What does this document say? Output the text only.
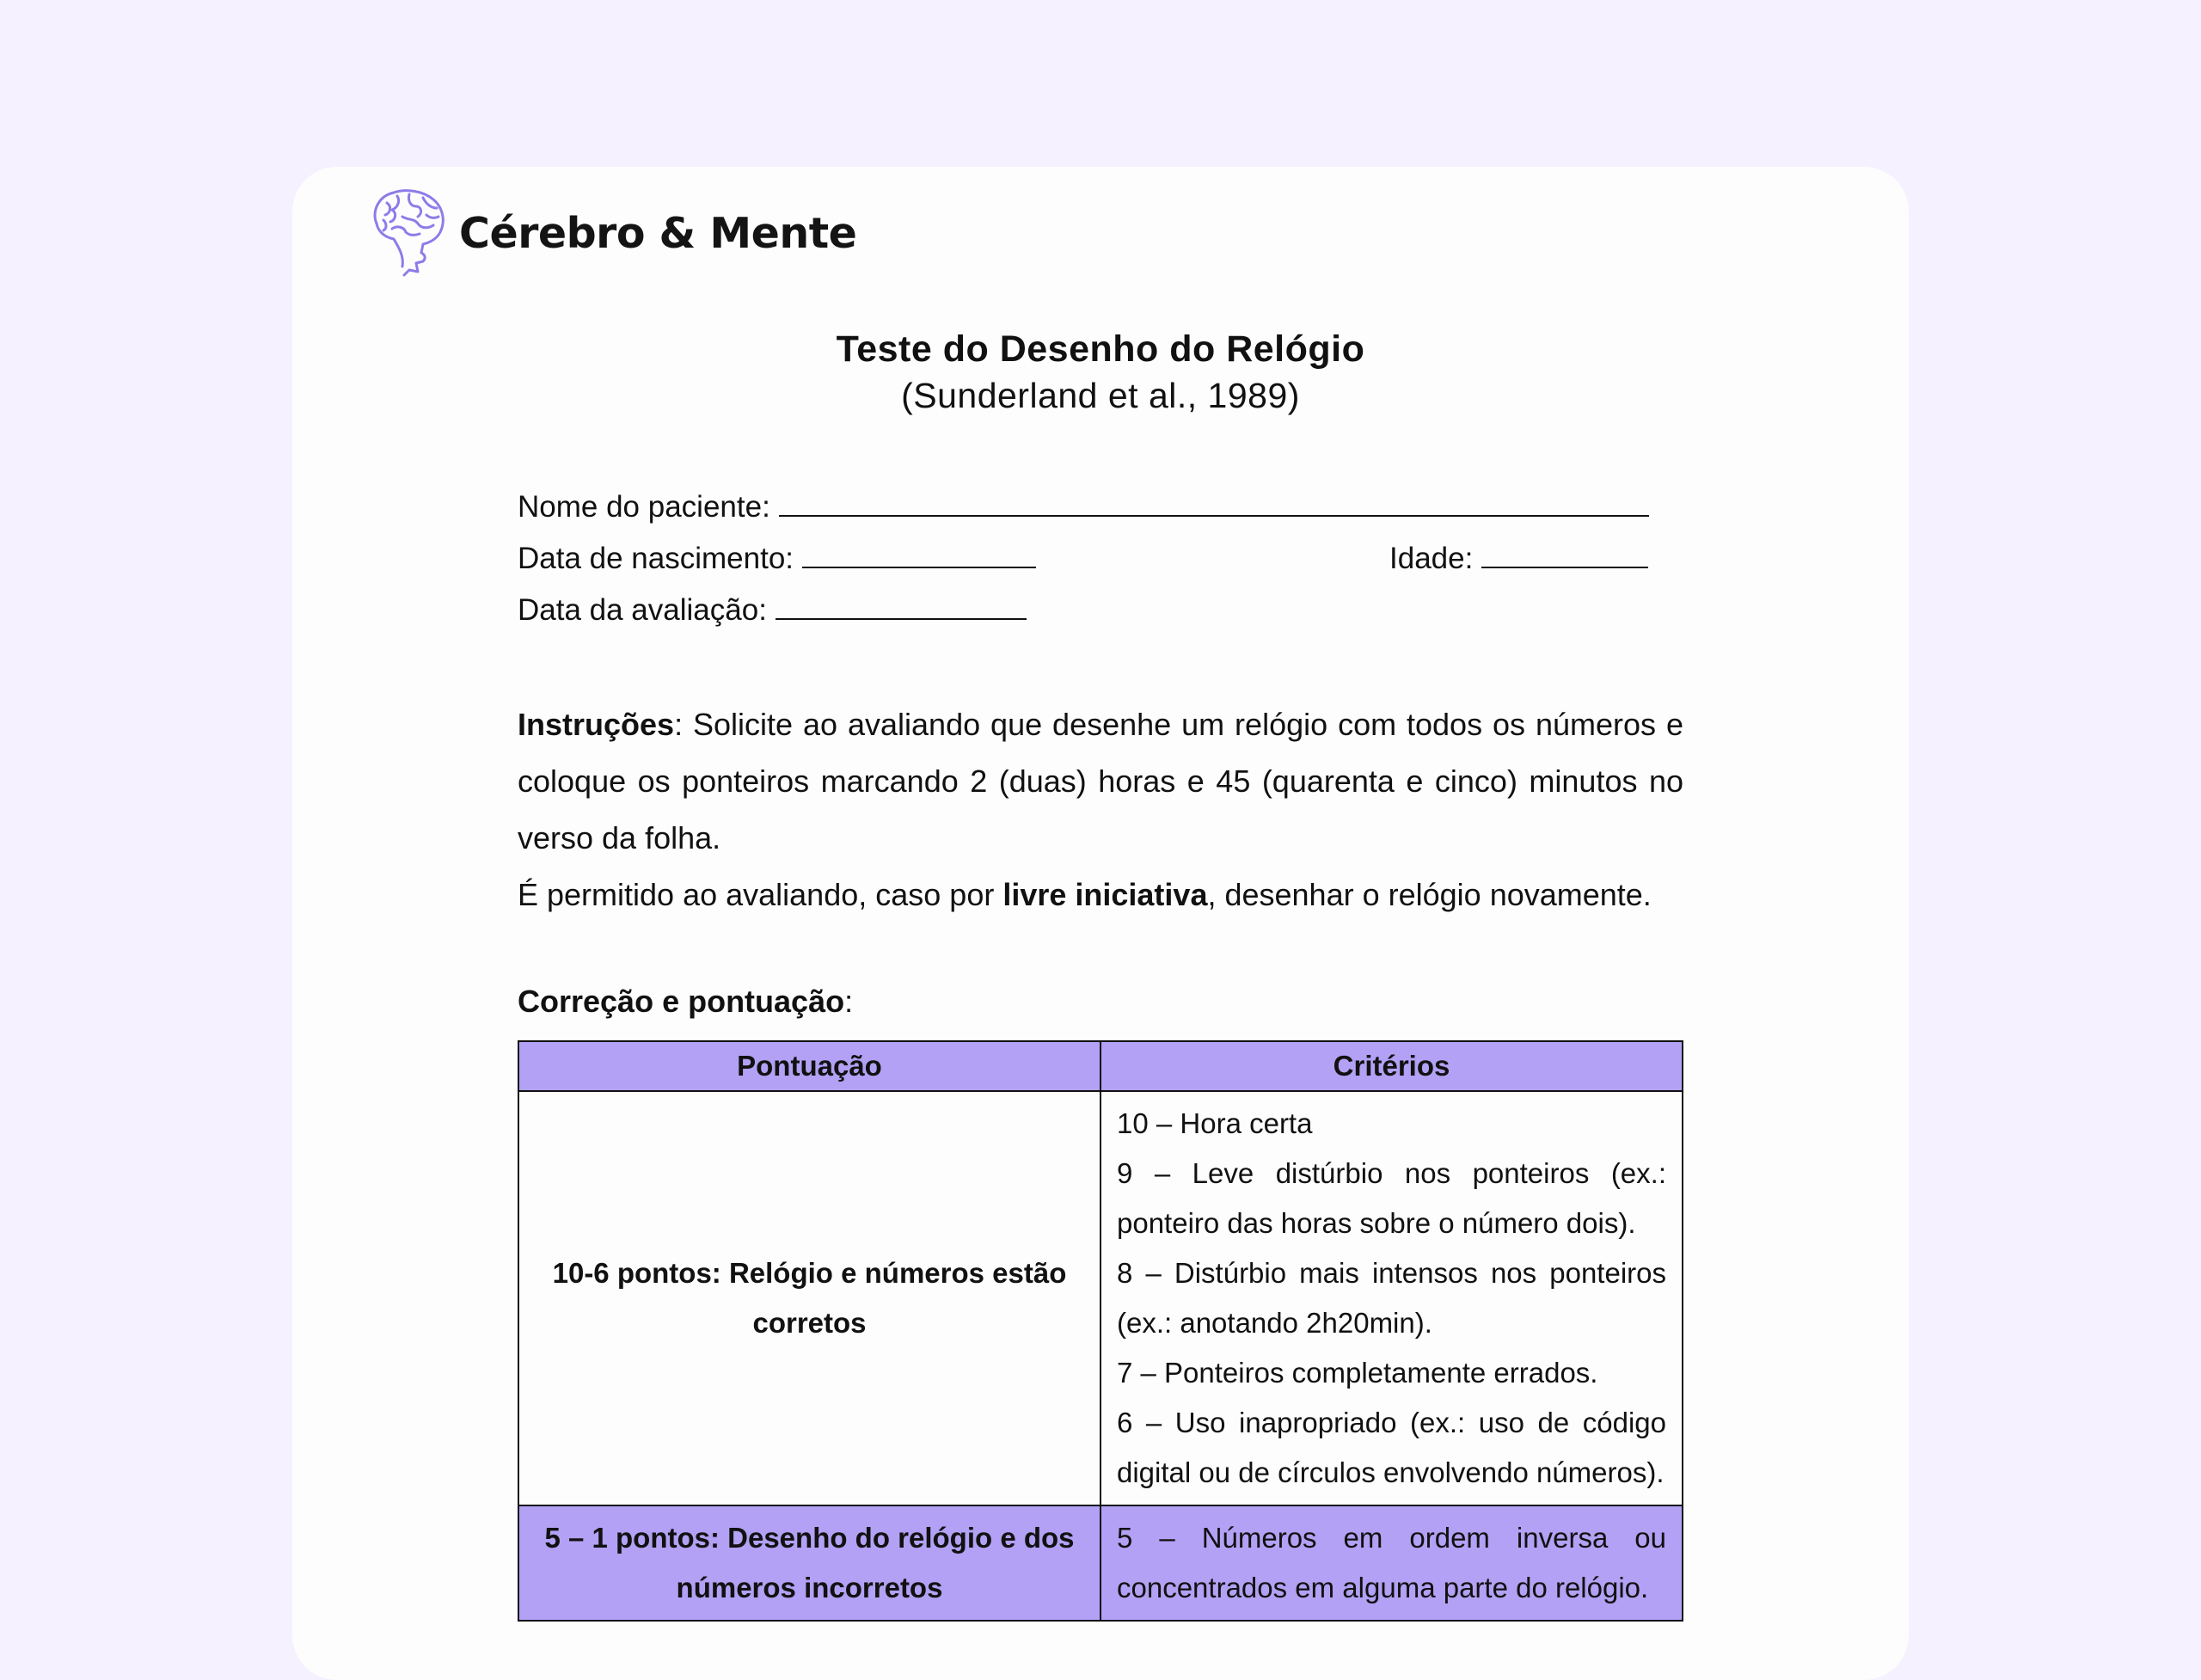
Cérebro & Mente
Teste do Desenho do Relógio
(Sunderland et al., 1989)
Nome do paciente:
Data de nascimento:	Idade:
Data da avaliação:

Instruções: Solicite ao avaliando que desenhe um relógio com todos os números e coloque os ponteiros marcando 2 (duas) horas e 45 (quarenta e cinco) minutos no verso da folha.

É permitido ao avaliando, caso por livre iniciativa, desenhar o relógio novamente.

Correção e pontuação:
Pontuação	Critérios
10-6 pontos: Relógio e números estão corretos	10 – Hora certa
9 – Leve distúrbio nos ponteiros (ex.: ponteiro das horas sobre o número dois).
8 – Distúrbio mais intensos nos ponteiros (ex.: anotando 2h20min).
7 – Ponteiros completamente errados.
6 – Uso inapropriado (ex.: uso de código digital ou de círculos envolvendo números).

5 – 1 pontos: Desenho do relógio e dos números incorretos	5 – Números em ordem inversa ou concentrados em alguma parte do relógio.
